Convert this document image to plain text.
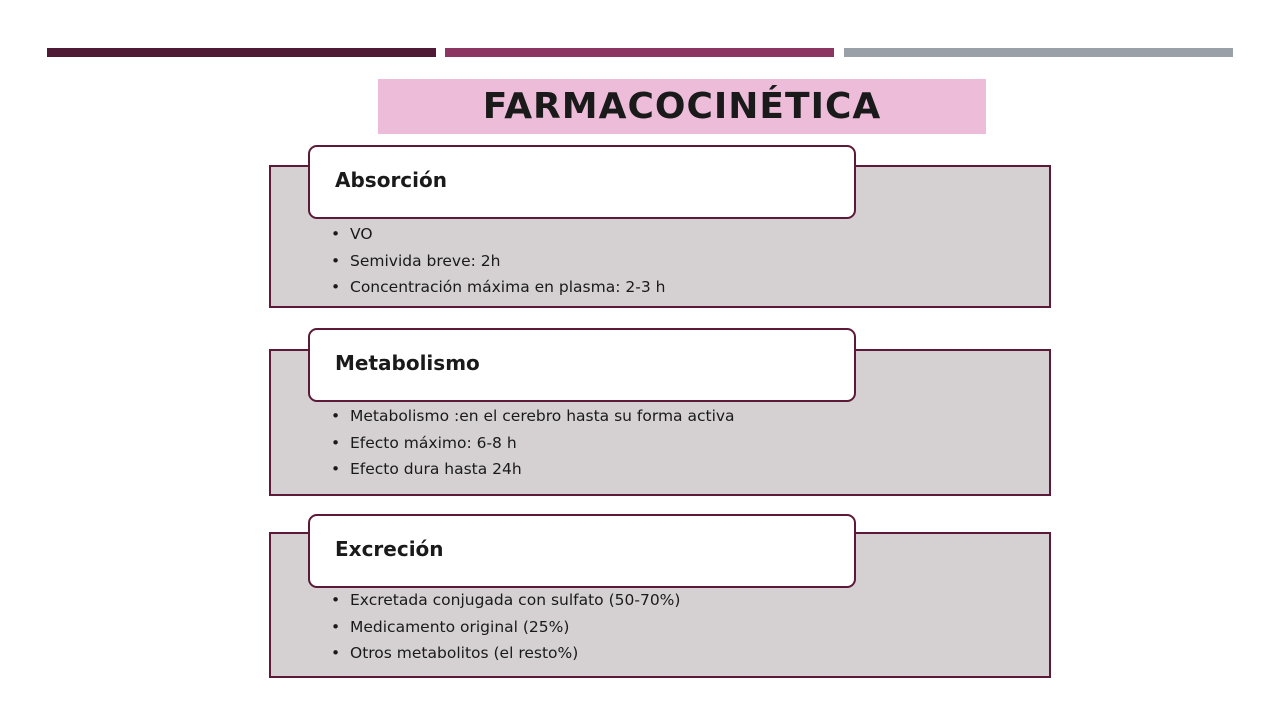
FARMACOCINÉTICA
• VO
• Semivida breve: 2h
• Concentración máxima en plasma: 2-3 h
Absorción
• Metabolismo :en el cerebro hasta su forma activa
• Efecto máximo: 6-8 h
• Efecto dura hasta 24h
Metabolismo
• Excretada conjugada con sulfato (50-70%)
• Medicamento original (25%)
• Otros metabolitos (el resto%)
Excreción
